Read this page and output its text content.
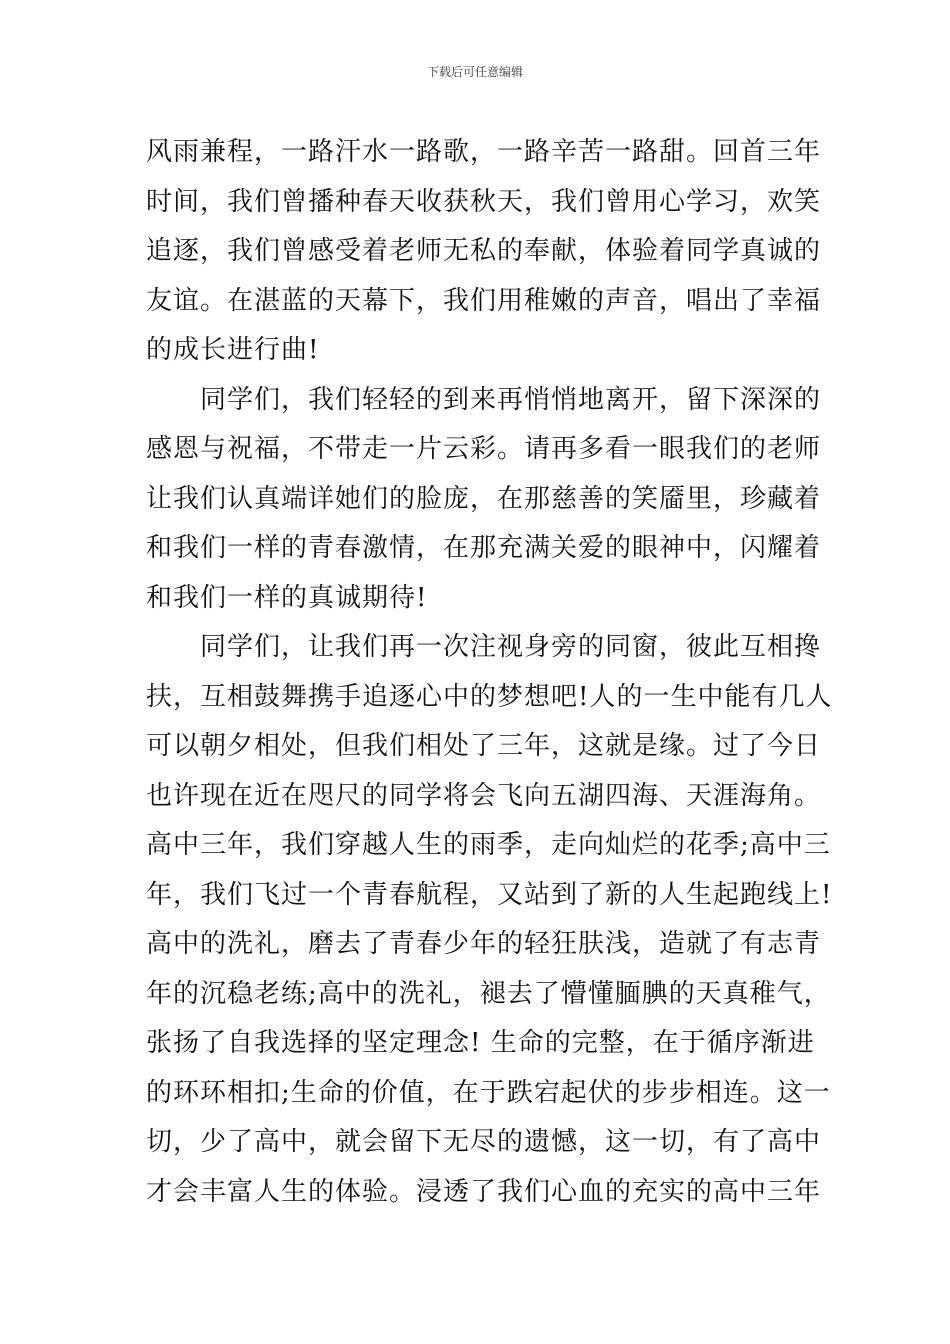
下载后可任意编辑
风雨兼程，一路汗水一路歌，一路辛苦一路甜。回首三年
时间，我们曾播种春天收获秋天，我们曾用心学习，欢笑
追逐，我们曾感受着老师无私的奉献，体验着同学真诚的
友谊。在湛蓝的天幕下，我们用稚嫩的声音，唱出了幸福
的成长进行曲!
同学们，我们轻轻的到来再悄悄地离开，留下深深的
感恩与祝福，不带走一片云彩。请再多看一眼我们的老师
让我们认真端详她们的脸庞，在那慈善的笑靥里，珍藏着
和我们一样的青春激情，在那充满关爱的眼神中，闪耀着
和我们一样的真诚期待!
同学们，让我们再一次注视身旁的同窗，彼此互相搀
扶，互相鼓舞携手追逐心中的梦想吧!人的一生中能有几人
可以朝夕相处，但我们相处了三年，这就是缘。过了今日
也许现在近在咫尺的同学将会飞向五湖四海、天涯海角。
高中三年，我们穿越人生的雨季，走向灿烂的花季;高中三
年，我们飞过一个青春航程，又站到了新的人生起跑线上!
高中的洗礼，磨去了青春少年的轻狂肤浅，造就了有志青
年的沉稳老练;高中的洗礼，褪去了懵懂腼腆的天真稚气，
张扬了自我选择的坚定理念! 生命的完整，在于循序渐进
的环环相扣;生命的价值，在于跌宕起伏的步步相连。这一
切，少了高中，就会留下无尽的遗憾，这一切，有了高中
才会丰富人生的体验。浸透了我们心血的充实的高中三年
